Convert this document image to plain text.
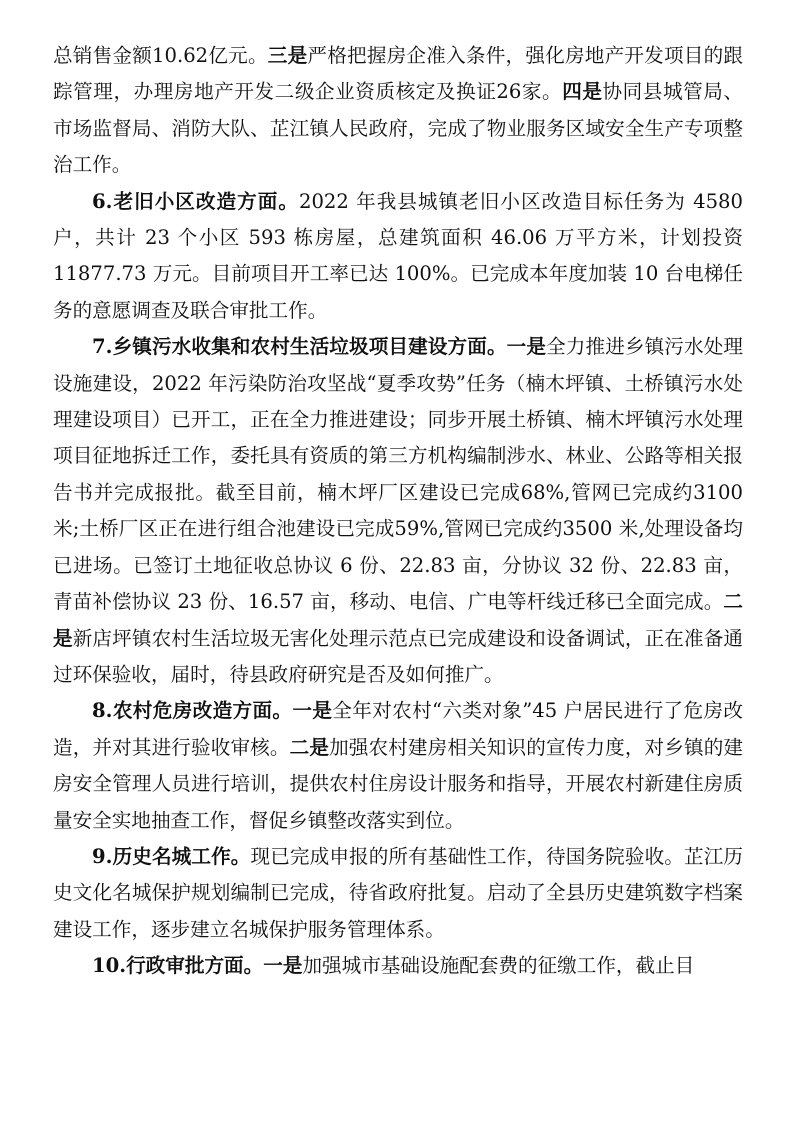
总销售金额10.62亿元。三是严格把握房企准入条件，强化房地产开发项目的跟踪管理，办理房地产开发二级企业资质核定及换证26家。四是协同县城管局、市场监督局、消防大队、芷江镇人民政府，完成了物业服务区域安全生产专项整治工作。

6.老旧小区改造方面。2022 年我县城镇老旧小区改造目标任务为 4580 户，共计 23 个小区 593 栋房屋，总建筑面积 46.06 万平方米，计划投资 11877.73 万元。目前项目开工率已达 100%。已完成本年度加装 10 台电梯任务的意愿调查及联合审批工作。

7.乡镇污水收集和农村生活垃圾项目建设方面。一是全力推进乡镇污水处理设施建设，2022 年污染防治攻坚战“夏季攻势”任务（楠木坪镇、土桥镇污水处理建设项目）已开工，正在全力推进建设；同步开展土桥镇、楠木坪镇污水处理项目征地拆迁工作，委托具有资质的第三方机构编制涉水、林业、公路等相关报告书并完成报批。截至目前，楠木坪厂区建设已完成68%,管网已完成约3100米;土桥厂区正在进行组合池建设已完成59%,管网已完成约3500 米,处理设备均已进场。已签订土地征收总协议 6 份、22.83 亩，分协议 32 份、22.83 亩，青苗补偿协议 23 份、16.57 亩，移动、电信、广电等杆线迁移已全面完成。二是新店坪镇农村生活垃圾无害化处理示范点已完成建设和设备调试，正在准备通过环保验收，届时，待县政府研究是否及如何推广。

8.农村危房改造方面。一是全年对农村“六类对象”45 户居民进行了危房改造，并对其进行验收审核。二是加强农村建房相关知识的宣传力度，对乡镇的建房安全管理人员进行培训，提供农村住房设计服务和指导，开展农村新建住房质量安全实地抽查工作，督促乡镇整改落实到位。

9.历史名城工作。现已完成申报的所有基础性工作，待国务院验收。芷江历史文化名城保护规划编制已完成，待省政府批复。启动了全县历史建筑数字档案建设工作，逐步建立名城保护服务管理体系。

10.行政审批方面。一是加强城市基础设施配套费的征缴工作，截止目
